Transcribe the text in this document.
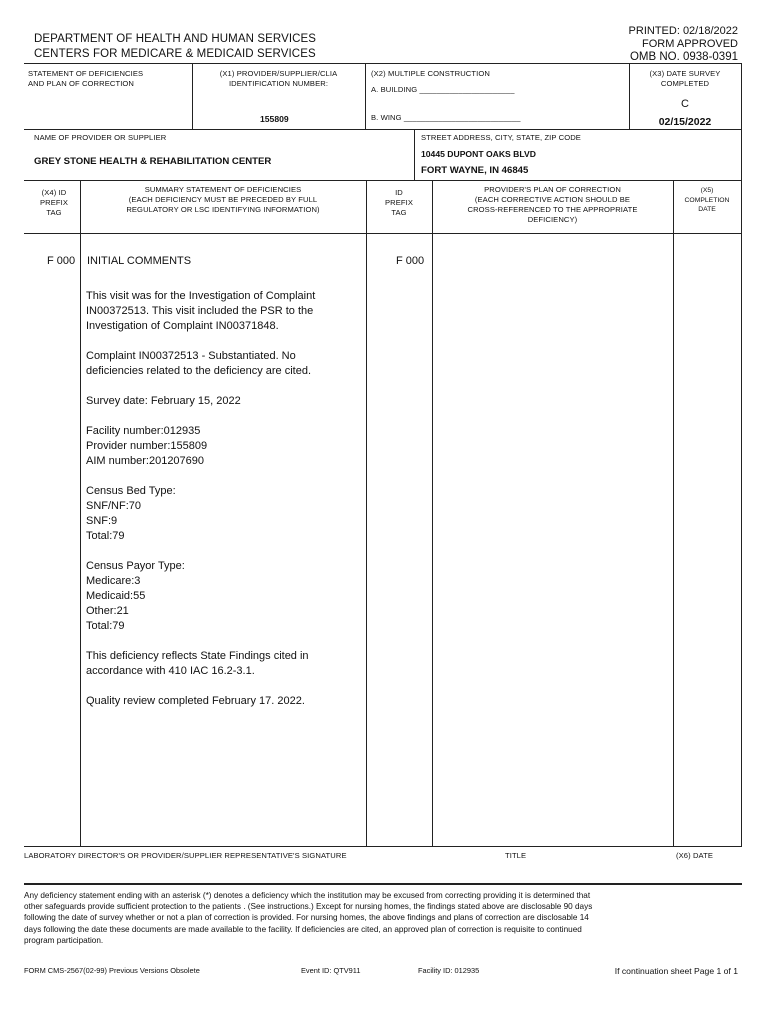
DEPARTMENT OF HEALTH AND HUMAN SERVICES
CENTERS FOR MEDICARE & MEDICAID SERVICES
PRINTED: 02/18/2022
FORM APPROVED
OMB NO. 0938-0391
STATEMENT OF DEFICIENCIES
AND PLAN OF CORRECTION
(X1) PROVIDER/SUPPLIER/CLIA
IDENTIFICATION NUMBER:
155809
(X2) MULTIPLE CONSTRUCTION
A. BUILDING ______________________
B. WING ___________________________
(X3) DATE SURVEY
COMPLETED
C
02/15/2022
NAME OF PROVIDER OR SUPPLIER
GREY STONE HEALTH & REHABILITATION CENTER
STREET ADDRESS, CITY, STATE, ZIP CODE
10445 DUPONT OAKS BLVD
FORT WAYNE, IN 46845
(X4) ID
PREFIX
TAG
SUMMARY STATEMENT OF DEFICIENCIES
(EACH DEFICIENCY MUST BE PRECEDED BY FULL
REGULATORY OR LSC IDENTIFYING INFORMATION)
ID
PREFIX
TAG
PROVIDER'S PLAN OF CORRECTION
(EACH CORRECTIVE ACTION SHOULD BE
CROSS-REFERENCED TO THE APPROPRIATE
DEFICIENCY)
(X5)
COMPLETION
DATE
F 000 INITIAL COMMENTS	F 000
This visit was for the Investigation of Complaint
IN00372513. This visit included the PSR to the
Investigation of Complaint IN00371848.
Complaint IN00372513 - Substantiated. No
deficiencies related to the deficiency are cited.
Survey date: February 15, 2022
Facility number:012935
Provider number:155809
AIM number:201207690
Census Bed Type:
SNF/NF:70
SNF:9
Total:79
Census Payor Type:
Medicare:3
Medicaid:55
Other:21
Total:79
This deficiency reflects State Findings cited in
accordance with 410 IAC 16.2-3.1.
Quality review completed February 17. 2022.
LABORATORY DIRECTOR'S OR PROVIDER/SUPPLIER REPRESENTATIVE'S SIGNATURE	TITLE	(X6) DATE
Any deficiency statement ending with an asterisk (*) denotes a deficiency which the institution may be excused from correcting providing it is determined that
other safeguards provide sufficient protection to the patients . (See instructions.) Except for nursing homes, the findings stated above are disclosable 90 days
following the date of survey whether or not a plan of correction is provided. For nursing homes, the above findings and plans of correction are disclosable 14
days following the date these documents are made available to the facility. If deficiencies are cited, an approved plan of correction is requisite to continued
program participation.
FORM CMS-2567(02-99) Previous Versions Obsolete	Event ID: QTV911	Facility ID: 012935	If continuation sheet Page 1 of 1
